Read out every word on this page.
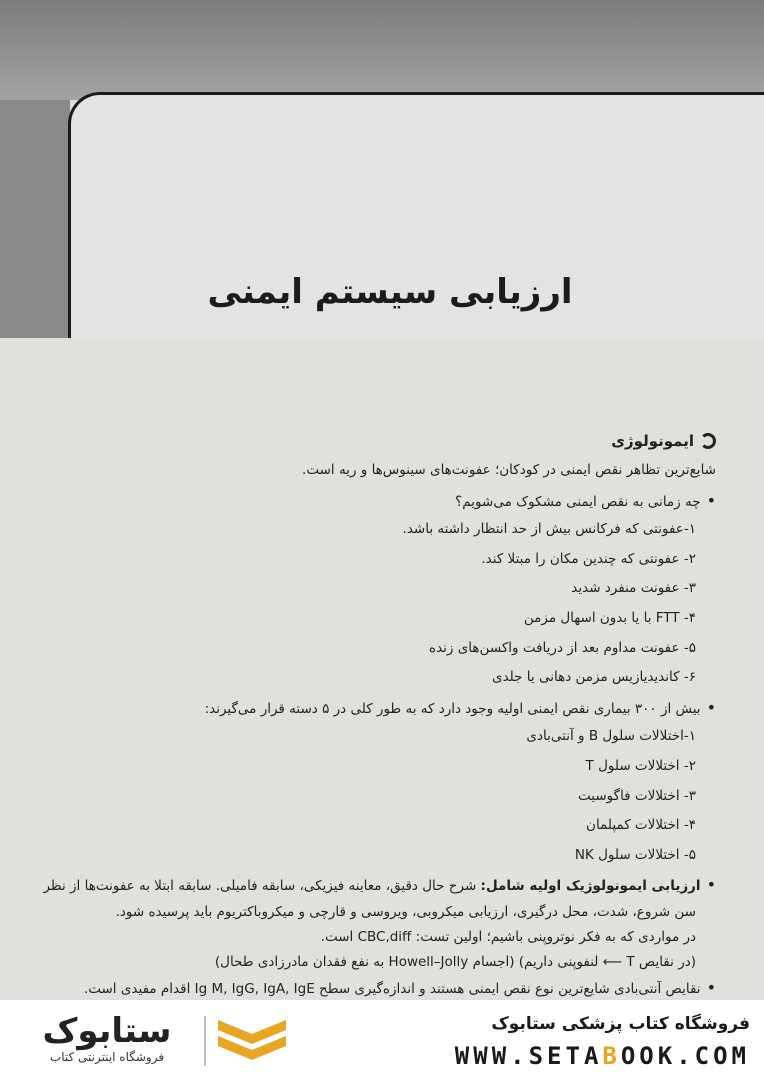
ارزیابی سیستم ایمنی
ایمونولوژی
شایع‌ترین تظاهر نقص ایمنی در کودکان؛ عفونت‌های سینوس‌ها و ریه است.
• چه زمانی به نقص ایمنی مشکوک می‌شویم؟
۱-عفونتی که فرکانس بیش از حد انتظار داشته باشد.
۲- عفونتی که چندین مکان را مبتلا کند.
۳- عفونت منفرد شدید
۴- FTT با یا بدون اسهال مزمن
۵- عفونت مداوم بعد از دریافت واکسن‌های زنده
۶- کاندیدیازیس مزمن دهانی یا جلدی
• بیش از ۳۰۰ بیماری نقص ایمنی اولیه وجود دارد که به طور کلی در ۵ دسته قرار می‌گیرند:
۱-اختلالات سلول B و آنتی‌بادی
۲- اختلالات سلول T
۳- اختلالات فاگوسیت
۴- اختلالات کمپلمان
۵- اختلالات سلول NK
• ارزیابی ایمونولوژیک اولیه شامل: شرح حال دقیق، معاینه فیزیکی، سابقه فامیلی. سابقه ابتلا به عفونت‌ها از نظر
سن شروع، شدت، محل درگیری، ارزیابی میکروبی، ویروسی و قارچی و میکروباکتریوم باید پرسیده شود.
در مواردی که به فکر نوتروپنی باشیم؛ اولین تست: CBC,diff است.
(در نقایص T ⟵ لنفوپنی داریم) (اجسام Howell–Jolly به نفع فقدان مادرزادی طحال)
• نقایص آنتی‌بادی شایع‌ترین نوع نقص ایمنی هستند و اندازه‌گیری سطح Ig M, IgG, IgA, IgE اقدام مفیدی است.
فروشگاه کتاب پزشکی ستابوک
WWW.SETABOOK.COM
ستابوک
فروشگاه اینترنتی کتاب
